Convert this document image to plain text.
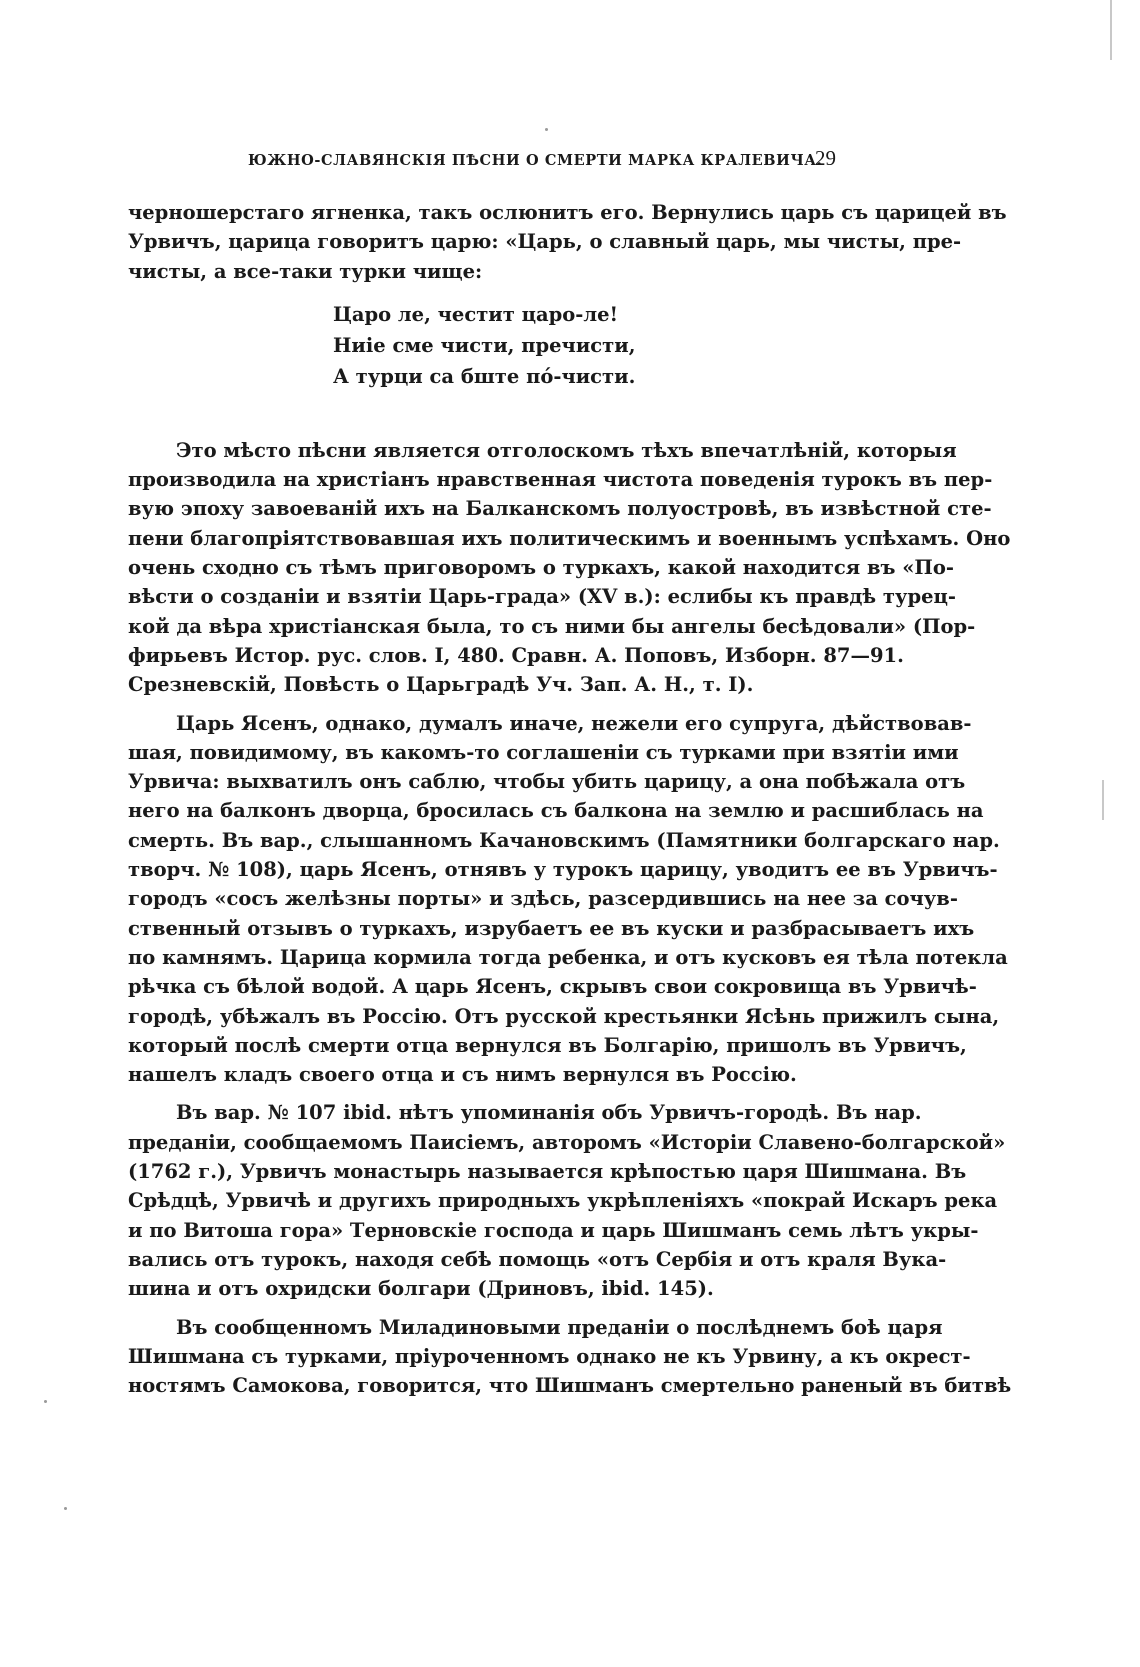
ЮЖНО-СЛАВЯНСКІЯ ПѢСНИ О СМЕРТИ МАРКА КРАЛЕВИЧА.
29

черношерстаго ягненка, такъ ослюнитъ его. Вернулись царь съ царицей въ
Урвичъ, царица говоритъ царю: «Царь, о славный царь, мы чисты, пре-
чисты, а все-таки турки чище:

Царо ле, честит царо-ле!
Ниіе сме чисти, пречисти,
А турци са бште пó-чисти.

Это мѣсто пѣсни является отголоскомъ тѣхъ впечатлѣній, которыя
производила на христіанъ нравственная чистота поведенія турокъ въ пер-
вую эпоху завоеваній ихъ на Балканскомъ полуостровѣ, въ извѣстной сте-
пени благопріятствовавшая ихъ политическимъ и военнымъ успѣхамъ. Оно
очень сходно съ тѣмъ приговоромъ о туркахъ, какой находится въ «По-
вѣсти о созданіи и взятіи Царь-града» (XV в.): еслибы къ правдѣ турец-
кой да вѣра христіанская была, то съ ними бы ангелы бесѣдовали» (Пор-
фирьевъ Истор. рус. слов. I, 480. Сравн. А. Поповъ, Изборн. 87—91.
Срезневскій, Повѣсть о Царьградѣ Уч. Зап. А. Н., т. I).

Царь Ясенъ, однако, думалъ иначе, нежели его супруга, дѣйствовав-
шая, повидимому, въ какомъ-то соглашеніи съ турками при взятіи ими
Урвича: выхватилъ онъ саблю, чтобы убить царицу, а она побѣжала отъ
него на балконъ дворца, бросилась съ балкона на землю и расшиблась на
смерть. Въ вар., слышанномъ Качановскимъ (Памятники болгарскаго нар.
творч. № 108), царь Ясенъ, отнявъ у турокъ царицу, уводитъ ее въ Урвичъ-
городъ «сосъ желѣзны порты» и здѣсь, разсердившись на нее за сочув-
ственный отзывъ о туркахъ, изрубаетъ ее въ куски и разбрасываетъ ихъ
по камнямъ. Царица кормила тогда ребенка, и отъ кусковъ ея тѣла потекла
рѣчка съ бѣлой водой. А царь Ясенъ, скрывъ свои сокровища въ Урвичѣ-
городѣ, убѣжалъ въ Россію. Отъ русской крестьянки Ясѣнь прижилъ сына,
который послѣ смерти отца вернулся въ Болгарію, пришолъ въ Урвичъ,
нашелъ кладъ своего отца и съ нимъ вернулся въ Россію.

Въ вар. № 107 ibid. нѣтъ упоминанія объ Урвичъ-городѣ. Въ нар.
преданіи, сообщаемомъ Паисіемъ, авторомъ «Исторіи Славено-болгарской»
(1762 г.), Урвичъ монастырь называется крѣпостью царя Шишмана. Въ
Срѣдцѣ, Урвичѣ и другихъ природныхъ укрѣпленіяхъ «покрай Искаръ река
и по Витоша гора» Терновскіе господа и царь Шишманъ семь лѣтъ укры-
вались отъ турокъ, находя себѣ помощь «отъ Сербія и отъ краля Вука-
шина и отъ охридски болгари (Дриновъ, ibid. 145).

Въ сообщенномъ Миладиновыми преданіи о послѣднемъ боѣ царя
Шишмана съ турками, пріуроченномъ однако не къ Урвину, а къ окрест-
ностямъ Самокова, говорится, что Шишманъ смертельно раненый въ битвѣ
